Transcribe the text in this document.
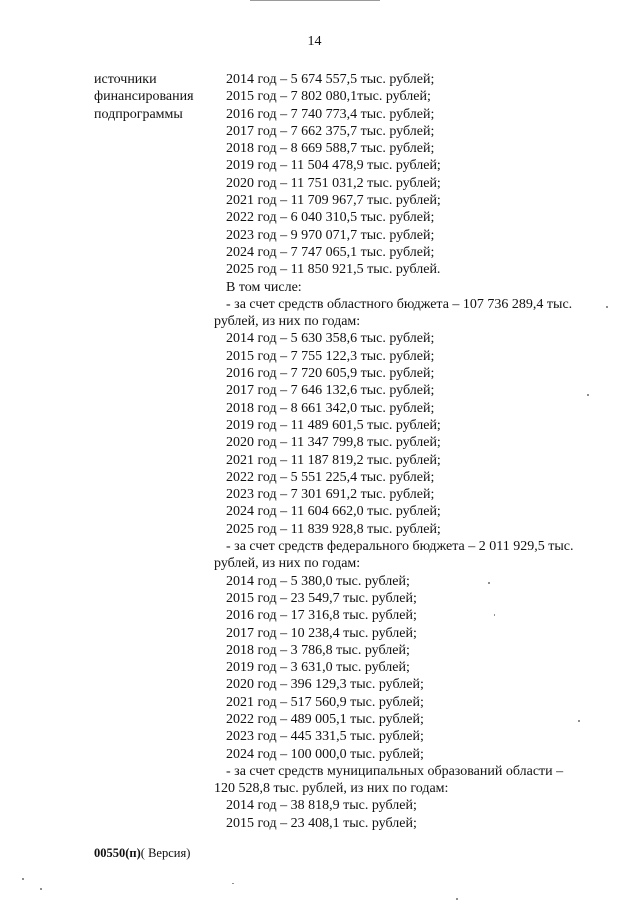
14
источники
финансирования
подпрограммы
2014 год – 5 674 557,5 тыс. рублей;
2015 год – 7 802 080,1тыс. рублей;
2016 год – 7 740 773,4 тыс. рублей;
2017 год – 7 662 375,7 тыс. рублей;
2018 год – 8 669 588,7 тыс. рублей;
2019 год – 11 504 478,9 тыс. рублей;
2020 год – 11 751 031,2 тыс. рублей;
2021 год – 11 709 967,7 тыс. рублей;
2022 год – 6 040 310,5 тыс. рублей;
2023 год – 9 970 071,7 тыс. рублей;
2024 год – 7 747 065,1 тыс. рублей;
2025 год – 11 850 921,5 тыс. рублей.
В том числе:
- за счет средств областного бюджета – 107 736 289,4 тыс.
рублей, из них по годам:
2014 год – 5 630 358,6 тыс. рублей;
2015 год – 7 755 122,3 тыс. рублей;
2016 год – 7 720 605,9 тыс. рублей;
2017 год – 7 646 132,6 тыс. рублей;
2018 год – 8 661 342,0 тыс. рублей;
2019 год – 11 489 601,5 тыс. рублей;
2020 год – 11 347 799,8 тыс. рублей;
2021 год – 11 187 819,2 тыс. рублей;
2022 год – 5 551 225,4 тыс. рублей;
2023 год – 7 301 691,2 тыс. рублей;
2024 год – 11 604 662,0 тыс. рублей;
2025 год – 11 839 928,8 тыс. рублей;
- за счет средств федерального бюджета – 2 011 929,5 тыс.
рублей, из них по годам:
2014 год – 5 380,0 тыс. рублей;
2015 год – 23 549,7 тыс. рублей;
2016 год – 17 316,8 тыс. рублей;
2017 год – 10 238,4 тыс. рублей;
2018 год – 3 786,8 тыс. рублей;
2019 год – 3 631,0 тыс. рублей;
2020 год – 396 129,3 тыс. рублей;
2021 год – 517 560,9 тыс. рублей;
2022 год – 489 005,1 тыс. рублей;
2023 год – 445 331,5 тыс. рублей;
2024 год – 100 000,0 тыс. рублей;
- за счет средств муниципальных образований области –
120 528,8 тыс. рублей, из них по годам:
2014 год – 38 818,9 тыс. рублей;
2015 год – 23 408,1 тыс. рублей;
00550(п)( Версия)
